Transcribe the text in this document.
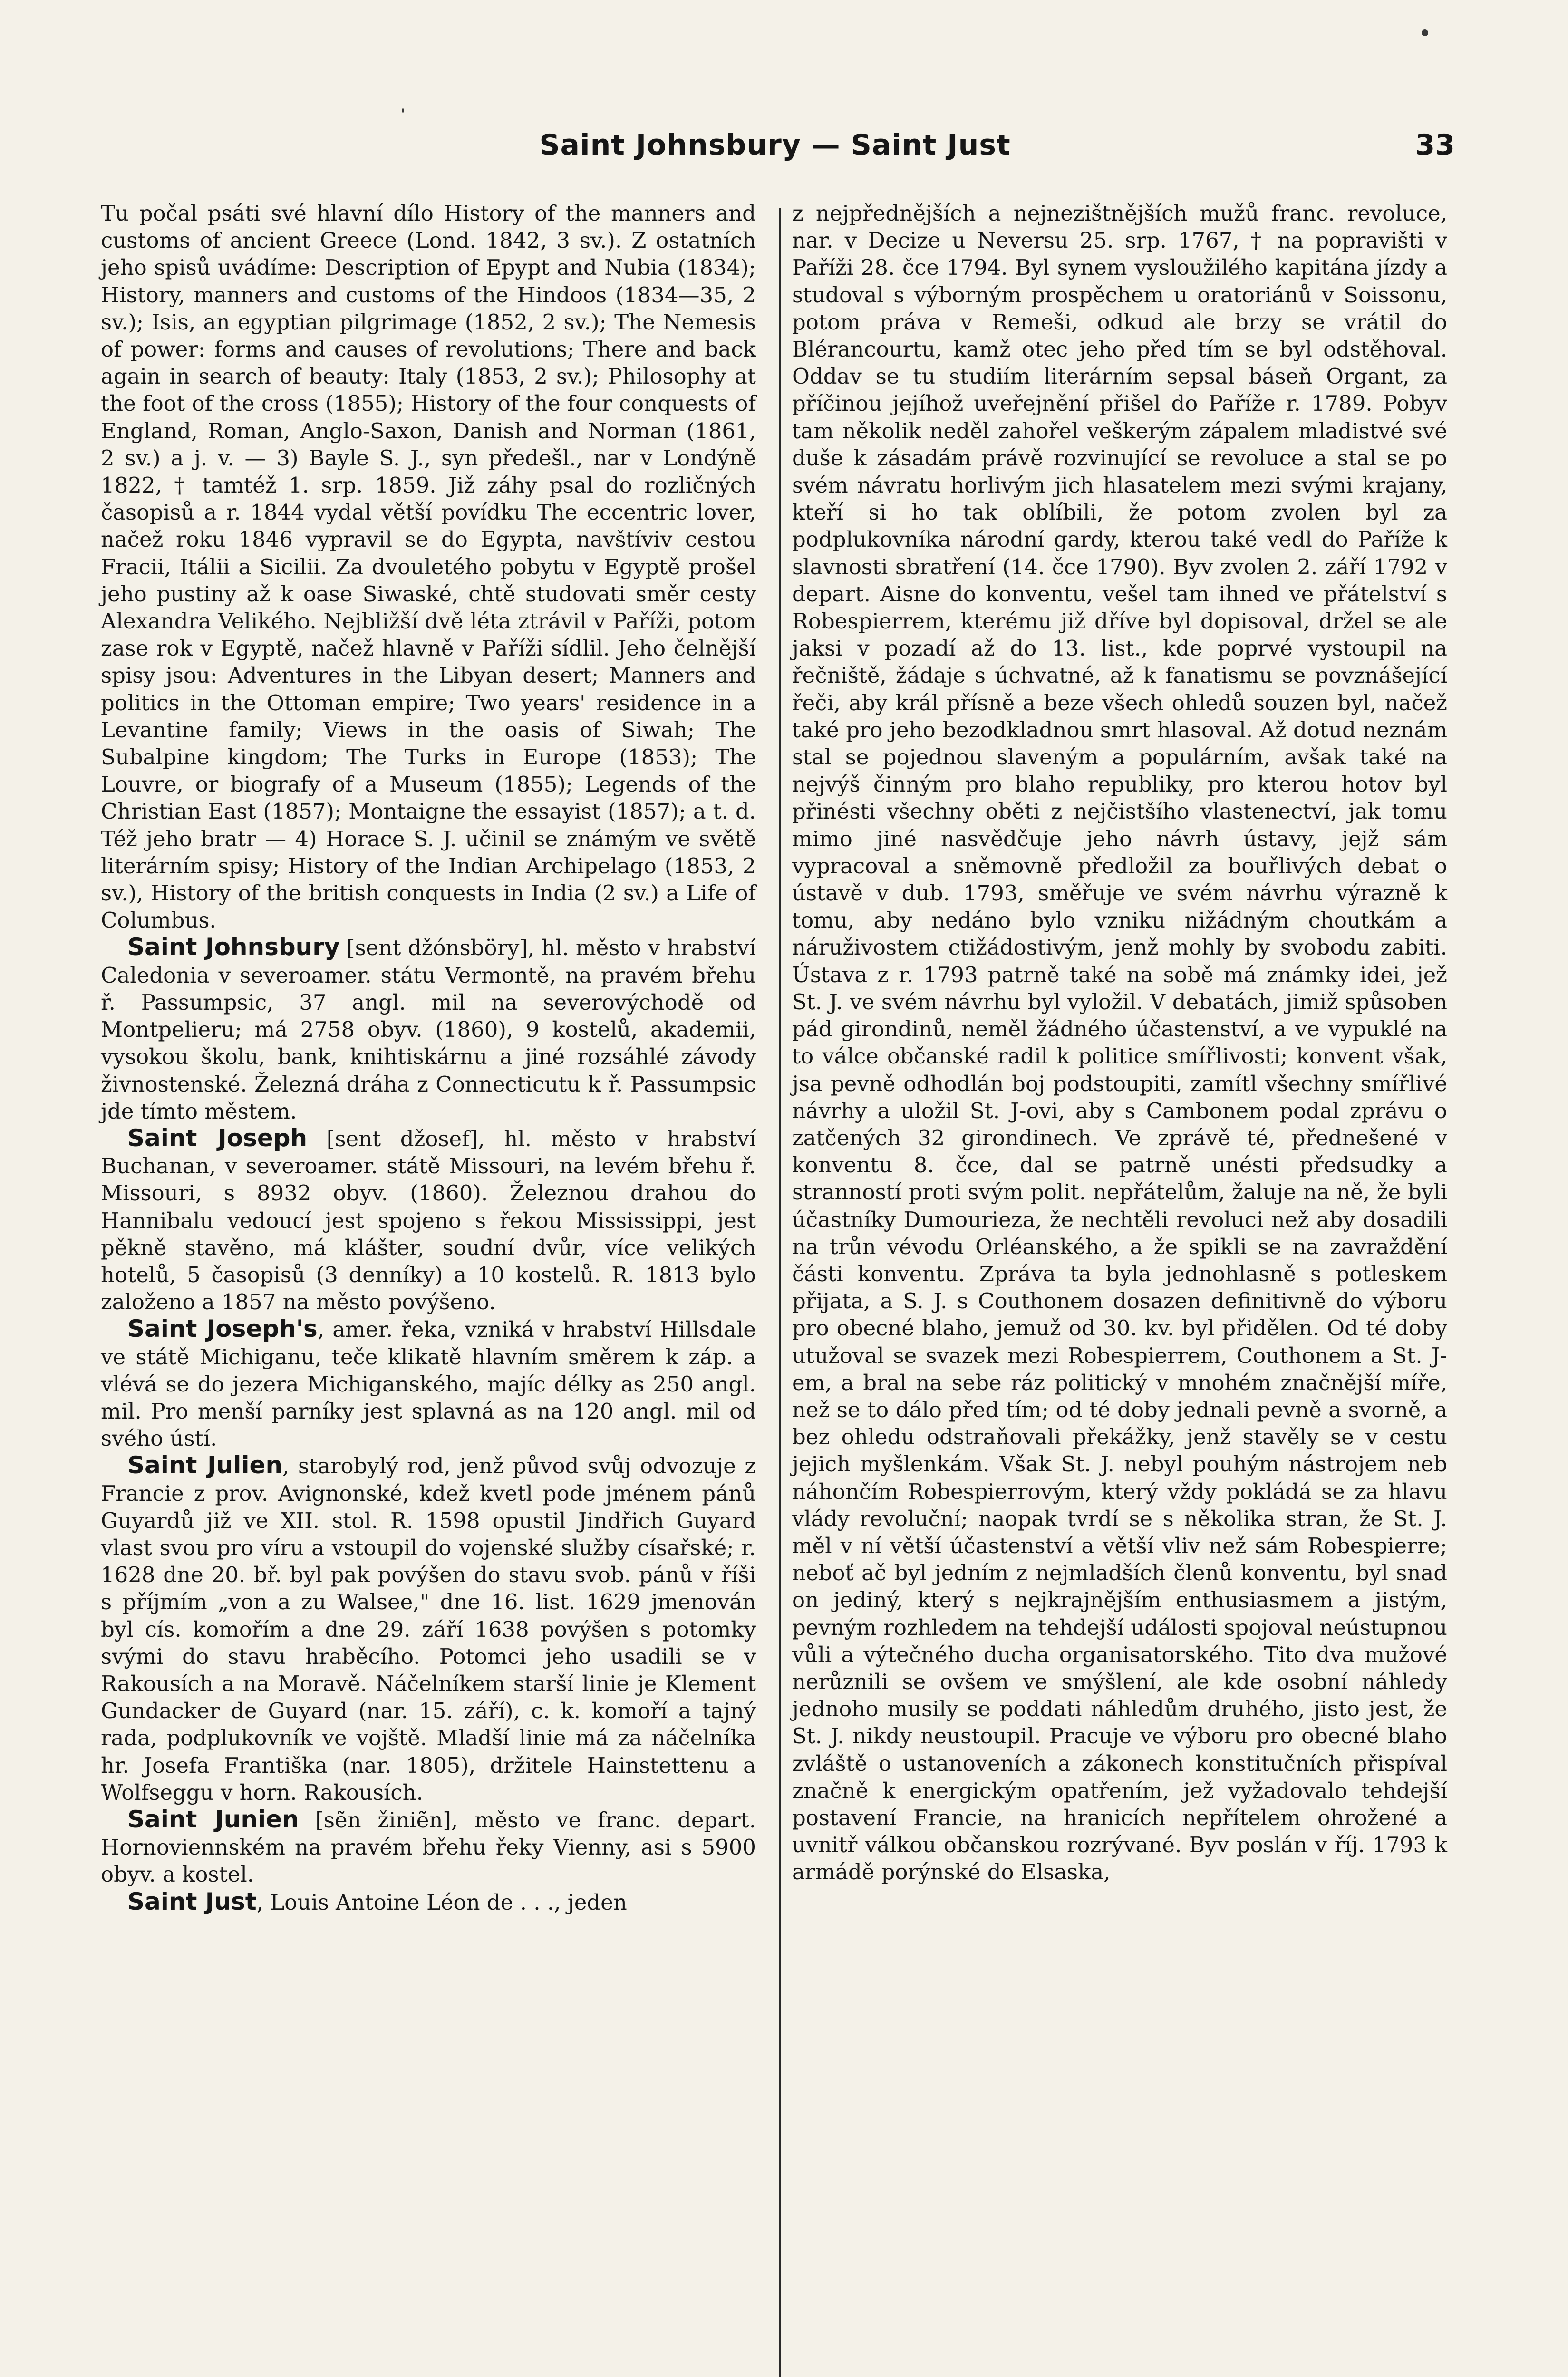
Saint Johnsbury — Saint Just	33

Tu počal psáti své hlavní dílo History of the manners and customs of ancient Greece (Lond. 1842, 3 sv.). Z ostatních jeho spisů uvádíme: Description of Epypt and Nubia (1834); History, manners and customs of the Hindoos (1834—35, 2 sv.); Isis, an egyptian pilgrimage (1852, 2 sv.); The Nemesis of power: forms and causes of revolutions; There and back again in search of beauty: Italy (1853, 2 sv.); Philosophy at the foot of the cross (1855); History of the four conquests of England, Roman, Anglo-Saxon, Danish and Norman (1861, 2 sv.) a j. v. — 3) Bayle S. J., syn předešl., nar v Londýně 1822, † tamtéž 1. srp. 1859. Již záhy psal do rozličných časopisů a r. 1844 vydal větší povídku The eccentric lover, načež roku 1846 vypravil se do Egypta, navštíviv cestou Fracii, Itálii a Sicilii. Za dvouletého pobytu v Egyptě prošel jeho pustiny až k oase Siwaské, chtě studovati směr cesty Alexandra Velikého. Nejbližší dvě léta ztrávil v Paříži, potom zase rok v Egyptě, načež hlavně v Paříži sídlil. Jeho čelnější spisy jsou: Adventures in the Libyan desert; Manners and politics in the Ottoman empire; Two years' residence in a Levantine family; Views in the oasis of Siwah; The Subalpine kingdom; The Turks in Europe (1853); The Louvre, or biografy of a Museum (1855); Legends of the Christian East (1857); Montaigne the essayist (1857); a t. d. Též jeho bratr — 4) Horace S. J. učinil se známým ve světě literárním spisy; History of the Indian Archipelago (1853, 2 sv.), History of the british conquests in India (2 sv.) a Life of Columbus.

Saint Johnsbury [sent džónsböry], hl. město v hrabství Caledonia v severoamer. státu Vermontě, na pravém břehu ř. Passumpsic, 37 angl. mil na severovýchodě od Montpelieru; má 2758 obyv. (1860), 9 kostelů, akademii, vysokou školu, bank, knihtiskárnu a jiné rozsáhlé závody živnostenské. Železná dráha z Connecticutu k ř. Passumpsic jde tímto městem.

Saint Joseph [sent džosef], hl. město v hrabství Buchanan, v severoamer. státě Missouri, na levém břehu ř. Missouri, s 8932 obyv. (1860). Železnou drahou do Hannibalu vedoucí jest spojeno s řekou Mississippi, jest pěkně stavěno, má klášter, soudní dvůr, více velikých hotelů, 5 časopisů (3 denníky) a 10 kostelů. R. 1813 bylo založeno a 1857 na město povýšeno.

Saint Joseph's, amer. řeka, vzniká v hrabství Hillsdale ve státě Michiganu, teče klikatě hlavním směrem k záp. a vlévá se do jezera Michiganského, majíc délky as 250 angl. mil. Pro menší parníky jest splavná as na 120 angl. mil od svého ústí.

Saint Julien, starobylý rod, jenž původ svůj odvozuje z Francie z prov. Avignonské, kdež kvetl pode jménem pánů Guyardů již ve XII. stol. R. 1598 opustil Jindřich Guyard vlast svou pro víru a vstoupil do vojenské služby císařské; r. 1628 dne 20. bř. byl pak povýšen do stavu svob. pánů v říši s příjmím „von a zu Walsee," dne 16. list. 1629 jmenován byl cís. komořím a dne 29. září 1638 povýšen s potomky svými do stavu hraběcího. Potomci jeho usadili se v Rakousích a na Moravě. Náčelníkem starší linie je Klement Gundacker de Guyard (nar. 15. září), c. k. komoří a tajný rada, podplukovník ve vojště. Mladší linie má za náčelníka hr. Josefa Františka (nar. 1805), držitele Hainstettenu a Wolfseggu v horn. Rakousích.

Saint Junien [sẽn žiniẽn], město ve franc. depart. Hornoviennském na pravém břehu řeky Vienny, asi s 5900 obyv. a kostel.

Saint Just, Louis Antoine Léon de . . ., jeden

z nejpřednějších a nejnezištnějších mužů franc. revoluce, nar. v Decize u Neversu 25. srp. 1767, † na popravišti v Paříži 28. čce 1794. Byl synem vysloužilého kapitána jízdy a studoval s výborným prospěchem u oratoriánů v Soissonu, potom práva v Remeši, odkud ale brzy se vrátil do Blérancourtu, kamž otec jeho před tím se byl odstěhoval. Oddav se tu studiím literárním sepsal báseň Organt, za příčinou jejíhož uveřejnění přišel do Paříže r. 1789. Pobyv tam několik neděl zahořel veškerým zápalem mladistvé své duše k zásadám právě rozvinující se revoluce a stal se po svém návratu horlivým jich hlasatelem mezi svými krajany, kteří si ho tak oblíbili, že potom zvolen byl za podplukovníka národní gardy, kterou také vedl do Paříže k slavnosti sbratření (14. čce 1790). Byv zvolen 2. září 1792 v depart. Aisne do konventu, vešel tam ihned ve přátelství s Robespierrem, kterému již dříve byl dopisoval, držel se ale jaksi v pozadí až do 13. list., kde poprvé vystoupil na řečniště, žádaje s úchvatné, až k fanatismu se povznášející řeči, aby král přísně a beze všech ohledů souzen byl, načež také pro jeho bezodkladnou smrt hlasoval. Až dotud neznám stal se pojednou slaveným a populárním, avšak také na nejvýš činným pro blaho republiky, pro kterou hotov byl přinésti všechny oběti z nejčistšího vlastenectví, jak tomu mimo jiné nasvědčuje jeho návrh ústavy, jejž sám vypracoval a sněmovně předložil za bouřlivých debat o ústavě v dub. 1793, směřuje ve svém návrhu výrazně k tomu, aby nedáno bylo vzniku nižádným choutkám a náruživostem ctižádostivým, jenž mohly by svobodu zabiti. Ústava z r. 1793 patrně také na sobě má známky idei, jež St. J. ve svém návrhu byl vyložil. V debatách, jimiž spůsoben pád girondinů, neměl žádného účastenství, a ve vypuklé na to válce občanské radil k politice smířlivosti; konvent však, jsa pevně odhodlán boj podstoupiti, zamítl všechny smířlivé návrhy a uložil St. J-ovi, aby s Cambonem podal zprávu o zatčených 32 girondinech. Ve zprávě té, přednešené v konventu 8. čce, dal se patrně unésti předsudky a stranností proti svým polit. nepřátelům, žaluje na ně, že byli účastníky Dumourieza, že nechtěli revoluci než aby dosadili na trůn vévodu Orléanského, a že spikli se na zavraždění části konventu. Zpráva ta byla jednohlasně s potleskem přijata, a S. J. s Couthonem dosazen definitivně do výboru pro obecné blaho, jemuž od 30. kv. byl přidělen. Od té doby utužoval se svazek mezi Robespierrem, Couthonem a St. J-em, a bral na sebe ráz politický v mnohém značnější míře, než se to dálo před tím; od té doby jednali pevně a svorně, a bez ohledu odstraňovali překážky, jenž stavěly se v cestu jejich myšlenkám. Však St. J. nebyl pouhým nástrojem neb náhončím Robespierrovým, který vždy pokládá se za hlavu vlády revoluční; naopak tvrdí se s několika stran, že St. J. měl v ní větší účastenství a větší vliv než sám Robespierre; neboť ač byl jedním z nejmladších členů konventu, byl snad on jediný, který s nejkrajnějším enthusiasmem a jistým, pevným rozhledem na tehdejší události spojoval neústupnou vůli a výtečného ducha organisatorského. Tito dva mužové nerůznili se ovšem ve smýšlení, ale kde osobní náhledy jednoho musily se poddati náhledům druhého, jisto jest, že St. J. nikdy neustoupil. Pracuje ve výboru pro obecné blaho zvláště o ustanoveních a zákonech konstitučních přispíval značně k energickým opatřením, jež vyžadovalo tehdejší postavení Francie, na hranicích nepřítelem ohrožené a uvnitř válkou občanskou rozrývané. Byv poslán v říj. 1793 k armádě porýnské do Elsaska,
